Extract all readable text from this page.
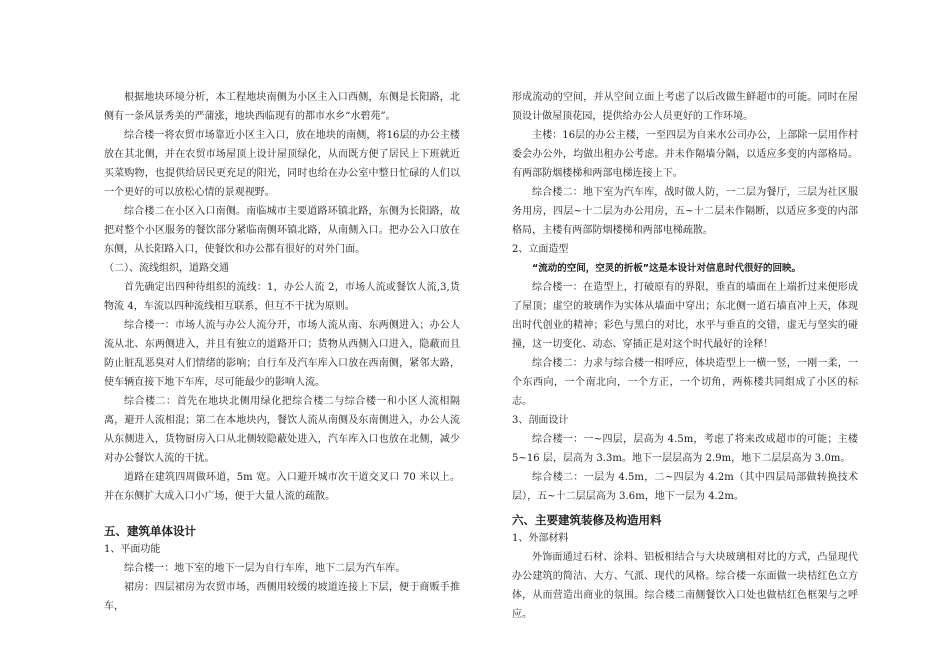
根据地块环境分析，本工程地块南侧为小区主入口西侧，东侧是长阳路，北侧有一条风景秀美的严蒲涨，地块西临现有的都市水乡“水碧苑”。

综合楼一将农贸市场靠近小区主入口，放在地块的南侧，将16层的办公主楼放在其北侧，并在农贸市场屋顶上设计屋顶绿化，从而既方便了居民上下班就近买菜购物，也提供给居民更充足的阳光，同时也给在办公室中整日忙碌的人们以一个更好的可以放松心情的景观视野。

综合楼二在小区入口南侧。南临城市主要道路环镇北路，东侧为长阳路，故把对整个小区服务的餐饮部分紧临南侧环镇北路，从南侧入口。把办公入口放在东侧，从长阳路入口，使餐饮和办公都有很好的对外门面。

（二）、流线组织，道路交通

首先确定出四种待组织的流线：1，办公人流 2，市场人流或餐饮人流,3,货物流 4，车流以四种流线相互联系，但互不干扰为原则。

综合楼一：市场人流与办公人流分开，市场人流从南、东两侧进入；办公人流从北、东两侧进入，并且有独立的道路开口；货物从西侧入口进入，隐蔽而且防止脏乱恶臭对人们情绪的影响；自行车及汽车库入口放在西南侧，紧邻大路，使车辆直接下地下车库，尽可能最少的影响人流。

综合楼二：首先在地块北侧用绿化把综合楼二与综合楼一和小区人流相隔离，避开人流相混；第二在本地块内，餐饮人流从南侧及东南侧进入，办公人流从东侧进入，货物厨房入口从北侧较隐蔽处进入，汽车库入口也放在北侧，减少对办公餐饮人流的干扰。

道路在建筑四周做环道，5m 宽。入口避开城市次干道交叉口 70 米以上。并在东侧扩大成入口小广场，便于大量人流的疏散。

五、建筑单体设计

1、平面功能

综合楼一：地下室的地下一层为自行车库，地下二层为汽车库。

裙房：四层裙房为农贸市场，西侧用较缓的坡道连接上下层，便于商贩手推车，

形成流动的空间，并从空间立面上考虑了以后改做生鲜超市的可能。同时在屋顶设计做屋顶花园，提供给办公人员更好的工作环境。

主楼：16层的办公主楼，一至四层为自来水公司办公，上部除一层用作村委会办公外，均做出租办公考虑。并未作隔墙分隔，以适应多变的内部格局。有两部防烟楼梯和两部电梯连接上下。

综合楼二：地下室为汽车库，战时做人防，一二层为餐厅，三层为社区服务用房，四层~十二层为办公用房，五~十二层未作隔断，以适应多变的内部格局，主楼有两部防烟楼梯和两部电梯疏散。

2、立面造型

“流动的空间，空灵的折板”这是本设计对信息时代很好的回映。

综合楼一：在造型上，打破原有的界限，垂直的墙面在上端折过来便形成了屋顶；虚空的玻璃作为实体从墙面中穿出；东北侧一道石墙直冲上天，体现出时代创业的精神；彩色与黑白的对比，水平与垂直的交错，虚无与坚实的碰撞，这一切变化、动态、穿插正是对这个时代最好的诠释！

综合楼二：力求与综合楼一相呼应，体块造型上一横一竖，一刚一柔，一个东西向，一个南北向，一个方正，一个切角，两栋楼共同组成了小区的标志。

3、剖面设计

综合楼一：一~四层，层高为 4.5m，考虑了将来改成超市的可能；主楼 5~16 层，层高为 3.3m。地下一层层高为 2.9m，地下二层层高为 3.0m。

综合楼二：一层为 4.5m，二~四层为 4.2m（其中四层局部做转换技术层），五~十二层层高为 3.6m，地下一层为 4.2m。

六、主要建筑装修及构造用料

1、外部材料

外饰面通过石材、涂料、铝板相结合与大块玻璃相对比的方式，凸显现代办公建筑的简洁、大方、气派、现代的风格。综合楼一东面做一块桔红色立方体，从而营造出商业的氛围。综合楼二南侧餐饮入口处也做桔红色框架与之呼应。
